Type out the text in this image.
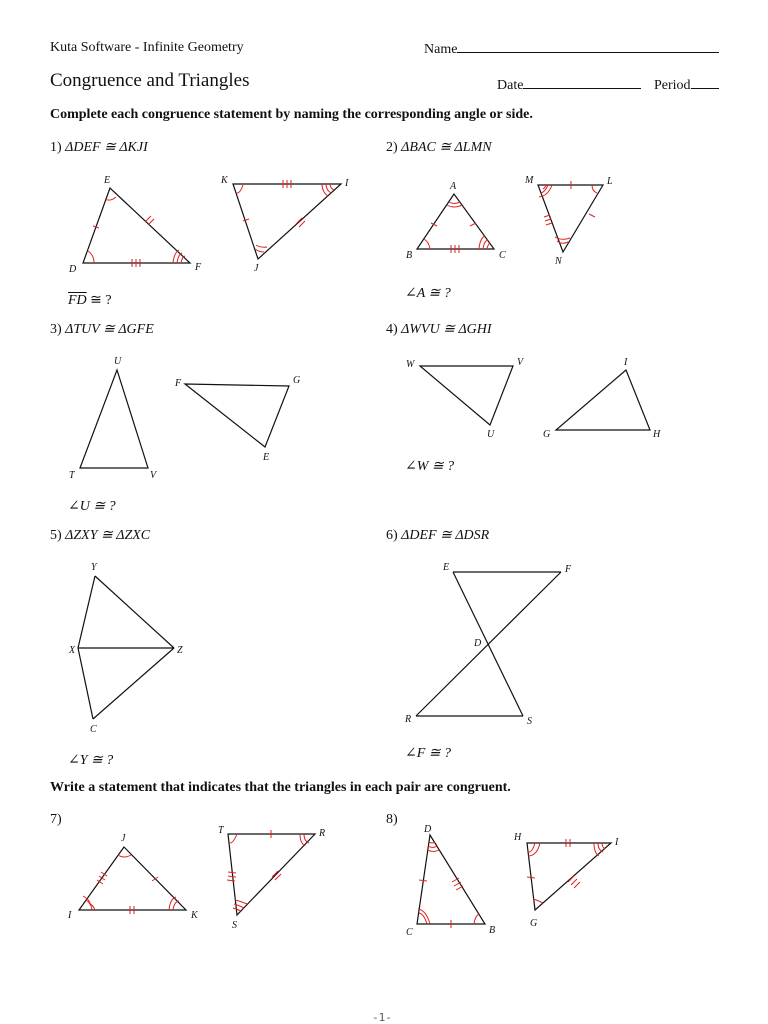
Kuta Software - Infinite Geometry	Name
Congruence and Triangles	Date	Period
Complete each congruence statement by naming the corresponding angle or side.
Write a statement that indicates that the triangles in each pair are congruent.
1) ΔDEF ≅ ΔKJI	2) ΔBAC ≅ ΔLMN
3) ΔTUV ≅ ΔGFE	4) ΔWVU ≅ ΔGHI
5) ΔZXY ≅ ΔZXC	6) ΔDEF ≅ ΔDSR
7)	8)
$\overline{FD}$ ≅ ?	∠A ≅ ?
∠U ≅ ?
∠W ≅ ?
∠Y ≅ ?	∠F ≅ ?
-1-
E
D	F
K	I
J
A
B	C
M	L
N
U
T	V
F	G
E
W	V
U
I
G	H
Y
X	Z
C
E	F
D
R	S
J
I	K
T	R
S
D
C	B
H	I
G
